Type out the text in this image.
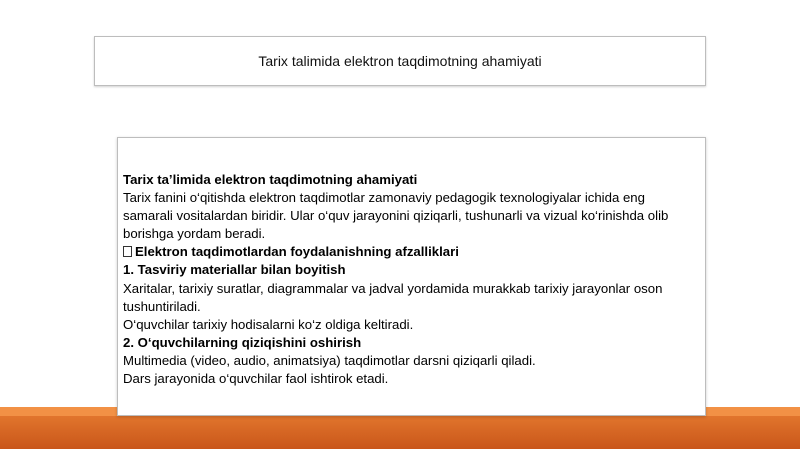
Tarix talimida elektron taqdimotning ahamiyati
Tarix ta’limida elektron taqdimotning ahamiyati
Tarix fanini o‘qitishda elektron taqdimotlar zamonaviy pedagogik texnologiyalar ichida eng
samarali vositalardan biridir. Ular o‘quv jarayonini qiziqarli, tushunarli va vizual ko‘rinishda olib
borishga yordam beradi.
Elektron taqdimotlardan foydalanishning afzalliklari
1. Tasviriy materiallar bilan boyitish
Xaritalar, tarixiy suratlar, diagrammalar va jadval yordamida murakkab tarixiy jarayonlar oson
tushuntiriladi.
O‘quvchilar tarixiy hodisalarni ko‘z oldiga keltiradi.
2. O‘quvchilarning qiziqishini oshirish
Multimedia (video, audio, animatsiya) taqdimotlar darsni qiziqarli qiladi.
Dars jarayonida o‘quvchilar faol ishtirok etadi.
